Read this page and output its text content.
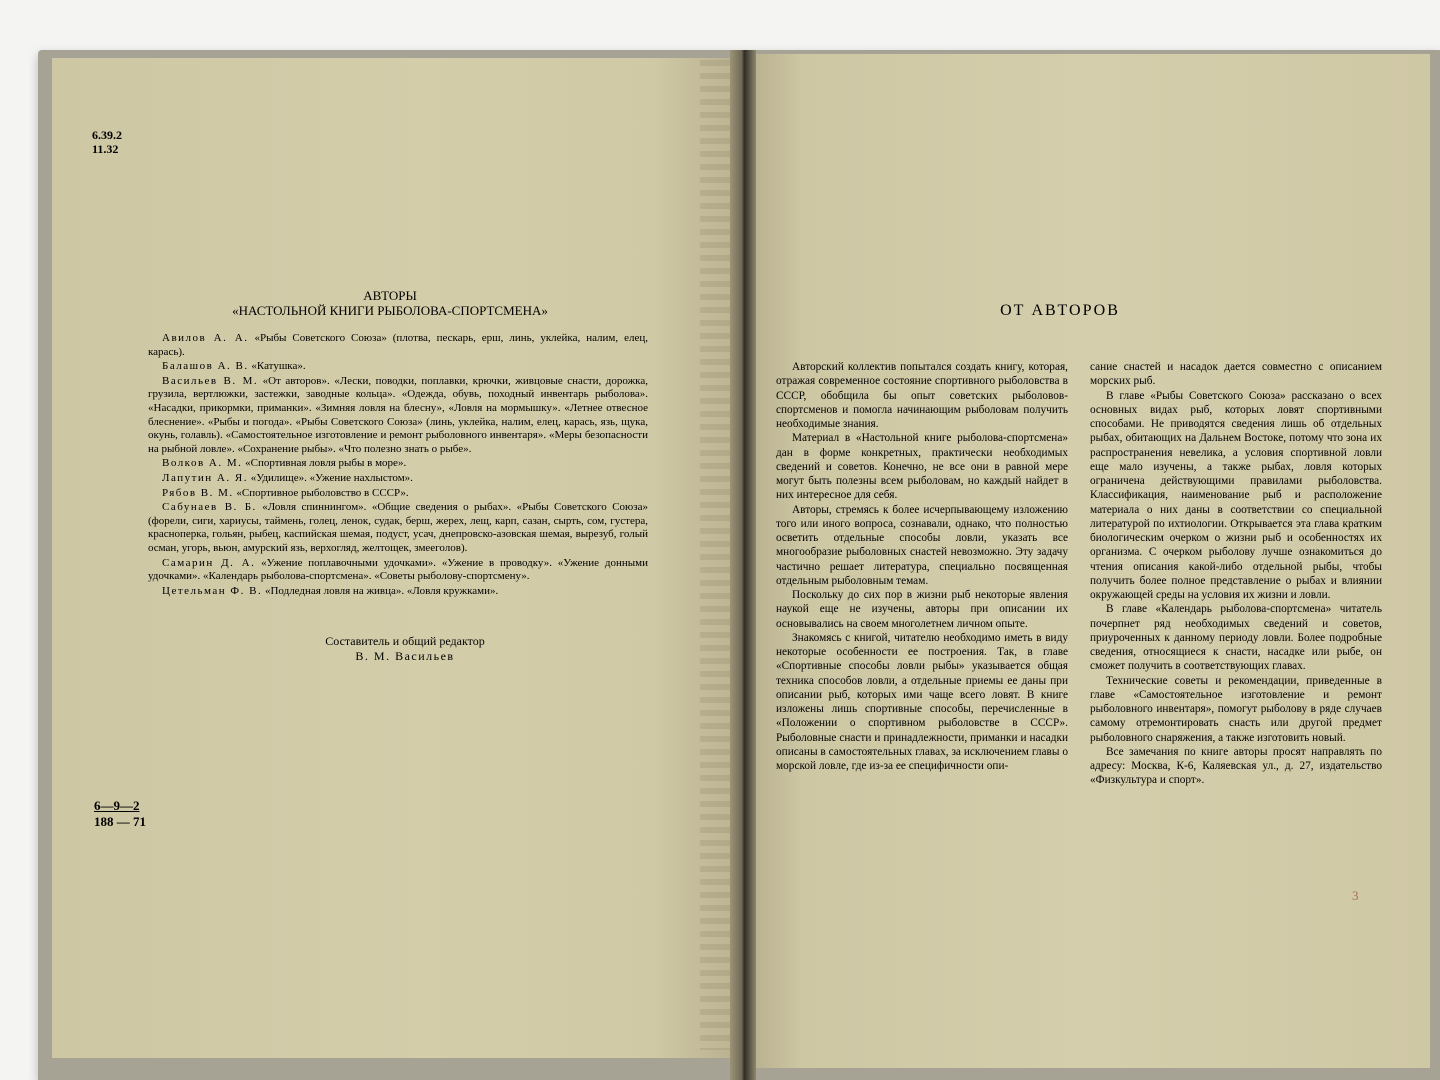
6.39.2
11.32
АВТОРЫ
«НАСТОЛЬНОЙ КНИГИ РЫБОЛОВА-СПОРТСМЕНА»

Авилов А. А. «Рыбы Советского Союза» (плотва, пескарь, ерш, линь, уклейка, налим, елец, карась).

Балашов А. В. «Катушка».

Васильев В. М. «От авторов». «Лески, поводки, поплавки, крючки, живцовые снасти, дорожка, грузила, вертлюжки, застежки, заводные кольца». «Одежда, обувь, походный инвентарь рыболова». «Насадки, прикормки, приманки». «Зимняя ловля на блесну», «Ловля на мормышку». «Летнее отвесное блеснение». «Рыбы и погода». «Рыбы Советского Союза» (линь, уклейка, налим, елец, карась, язь, щука, окунь, голавль). «Самостоятельное изготовление и ремонт рыболовного инвентаря». «Меры безопасности на рыбной ловле». «Сохранение рыбы». «Что полезно знать о рыбе».

Волков А. М. «Спортивная ловля рыбы в море».

Лапутин А. Я. «Удилище». «Ужение нахлыстом».

Рябов В. М. «Спортивное рыболовство в СССР».

Сабунаев В. Б. «Ловля спиннингом». «Общие сведения о рыбах». «Рыбы Советского Союза» (форели, сиги, хариусы, таймень, голец, ленок, судак, берш, жерех, лещ, карп, сазан, сырть, сом, густера, красноперка, гольян, рыбец, каспийская шемая, подуст, усач, днепровско-азовская шемая, вырезуб, голый осман, угорь, вьюн, амурский язь, верхогляд, желтощек, змееголов).

Самарин Д. А. «Ужение поплавочными удочками». «Ужение в проводку». «Ужение донными удочками». «Календарь рыболова-спортсмена». «Советы рыболову-спортсмену».

Цетельман Ф. В. «Подледная ловля на живца». «Ловля кружками».

Составитель и общий редактор
В. М. Васильев
6—9—2
188 — 71
ОТ АВТОРОВ

Авторский коллектив попытался создать книгу, которая, отражая современное состояние спортивного рыболовства в СССР, обобщила бы опыт советских рыболовов-спортсменов и помогла начинающим рыболовам получить необходимые знания.

Материал в «Настольной книге рыболова-спортсмена» дан в форме конкретных, практически необходимых сведений и советов. Конечно, не все они в равной мере могут быть полезны всем рыболовам, но каждый найдет в них интересное для себя.

Авторы, стремясь к более исчерпывающему изложению того или иного вопроса, сознавали, однако, что полностью осветить отдельные способы ловли, указать все многообразие рыболовных снастей невозможно. Эту задачу частично решает литература, специально посвященная отдельным рыболовным темам.

Поскольку до сих пор в жизни рыб некоторые явления наукой еще не изучены, авторы при описании их основывались на своем многолетнем личном опыте.

Знакомясь с книгой, читателю необходимо иметь в виду некоторые особенности ее построения. Так, в главе «Спортивные способы ловли рыбы» указывается общая техника способов ловли, а отдельные приемы ее даны при описании рыб, которых ими чаще всего ловят. В книге изложены лишь спортивные способы, перечисленные в «Положении о спортивном рыболовстве в СССР». Рыболовные снасти и принадлежности, приманки и насадки описаны в самостоятельных главах, за исключением главы о морской ловле, где из-за ее специфичности опи-

сание снастей и насадок дается совместно с описанием морских рыб.

В главе «Рыбы Советского Союза» рассказано о всех основных видах рыб, которых ловят спортивными способами. Не приводятся сведения лишь об отдельных рыбах, обитающих на Дальнем Востоке, потому что зона их распространения невелика, а условия спортивной ловли еще мало изучены, а также рыбах, ловля которых ограничена действующими правилами рыболовства. Классификация, наименование рыб и расположение материала о них даны в соответствии со специальной литературой по ихтиологии. Открывается эта глава кратким биологическим очерком о жизни рыб и особенностях их организма. С очерком рыболову лучше ознакомиться до чтения описания какой-либо отдельной рыбы, чтобы получить более полное представление о рыбах и влиянии окружающей среды на условия их жизни и ловли.

В главе «Календарь рыболова-спортсмена» читатель почерпнет ряд необходимых сведений и советов, приуроченных к данному периоду ловли. Более подробные сведения, относящиеся к снасти, насадке или рыбе, он сможет получить в соответствующих главах.

Технические советы и рекомендации, приведенные в главе «Самостоятельное изготовление и ремонт рыболовного инвентаря», помогут рыболову в ряде случаев самому отремонтировать снасть или другой предмет рыболовного снаряжения, а также изготовить новый.

Все замечания по книге авторы просят направлять по адресу: Москва, К-6, Каляевская ул., д. 27, издательство «Физкультура и спорт».

3
